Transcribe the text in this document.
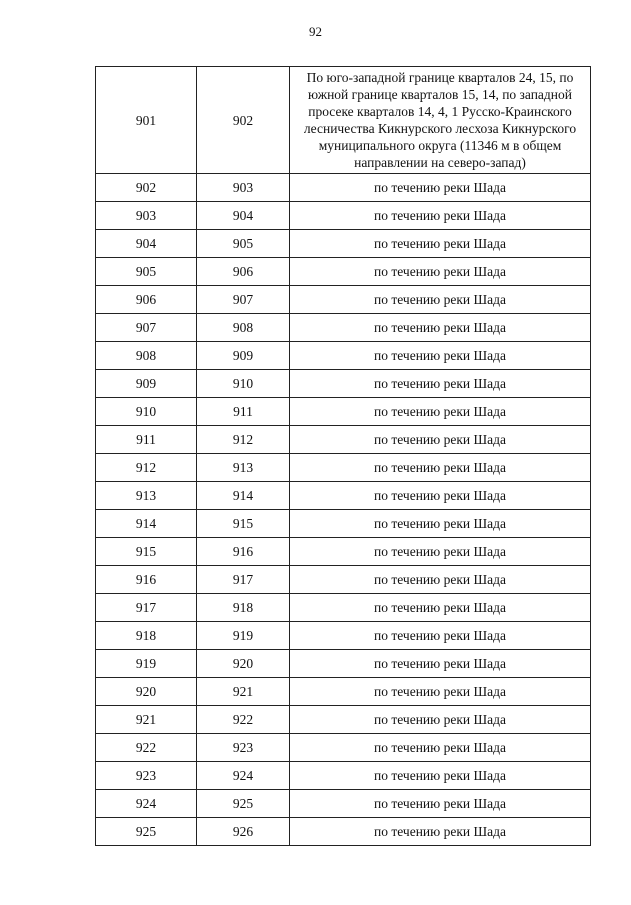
92
901	902	По юго-западной границе кварталов 24, 15, по южной границе кварталов 15, 14, по западной просеке кварталов 14, 4, 1 Русско-Краинского лесничества Кикнурского лесхоза Кикнурского муниципального округа (11346 м в общем направлении на северо-запад)
902	903	по течению реки Шада
903	904	по течению реки Шада
904	905	по течению реки Шада
905	906	по течению реки Шада
906	907	по течению реки Шада
907	908	по течению реки Шада
908	909	по течению реки Шада
909	910	по течению реки Шада
910	911	по течению реки Шада
911	912	по течению реки Шада
912	913	по течению реки Шада
913	914	по течению реки Шада
914	915	по течению реки Шада
915	916	по течению реки Шада
916	917	по течению реки Шада
917	918	по течению реки Шада
918	919	по течению реки Шада
919	920	по течению реки Шада
920	921	по течению реки Шада
921	922	по течению реки Шада
922	923	по течению реки Шада
923	924	по течению реки Шада
924	925	по течению реки Шада
925	926	по течению реки Шада
